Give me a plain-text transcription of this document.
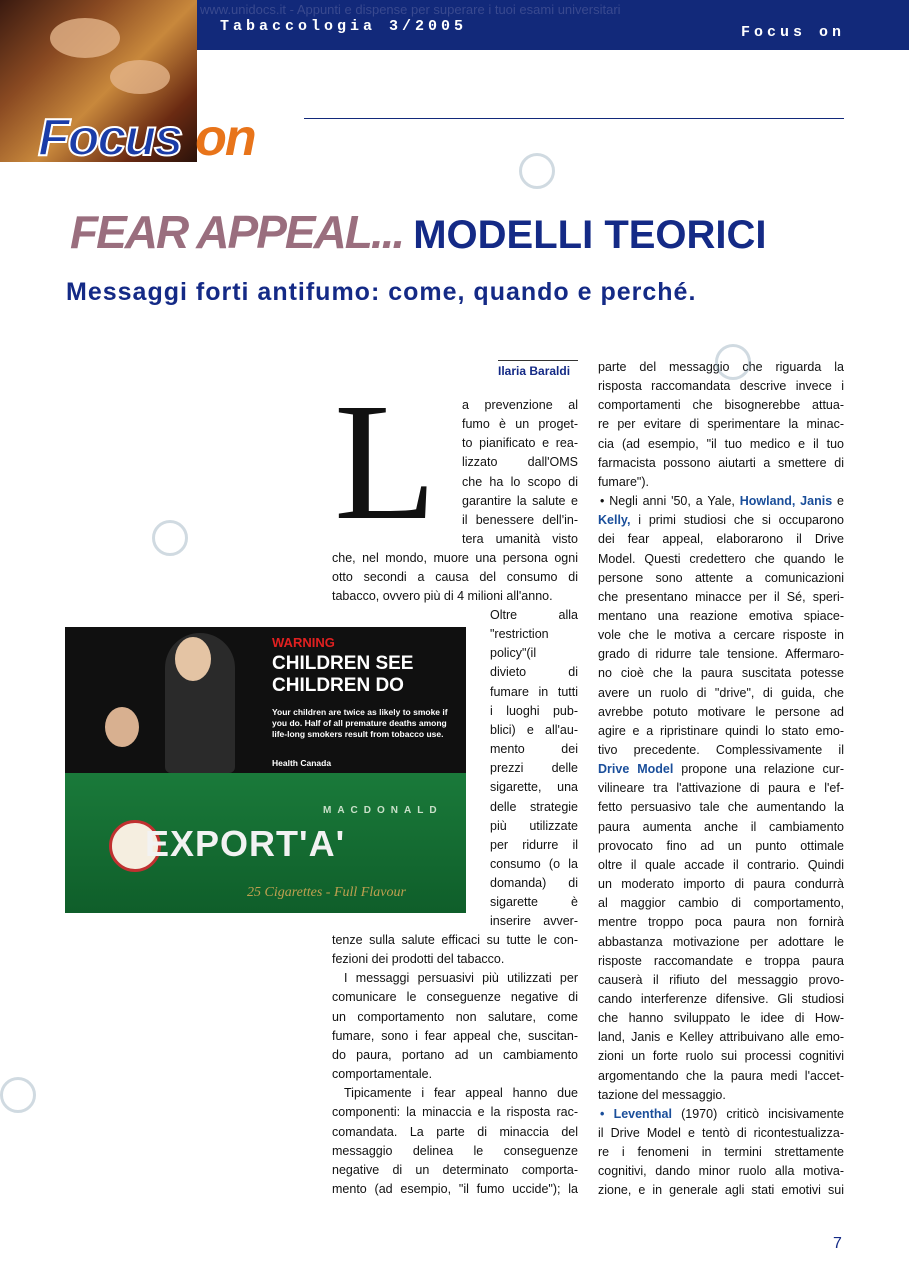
www.unidocs.it - Appunti e dispense per superare i tuoi esami universitari
Tabaccologia 3/2005	Focus on
Focus on
FEAR APPEAL... MODELLI TEORICI
Messaggi forti antifumo: come, quando e perché.
Ilaria Baraldi
L a prevenzione al
fumo è un proget-
to pianificato e rea-
lizzato dall'OMS
che ha lo scopo di
garantire la salute e
il benessere dell'in-
tera umanità visto
che, nel mondo, muore una persona ogni
otto secondi a causa del consumo di
tabacco, ovvero più di 4 milioni all'anno.
Oltre alla
"restriction
policy"(il
divieto di
fumare in tutti
i luoghi pub-
blici) e all'au-
mento dei
prezzi delle
sigarette, una
delle strategie
più utilizzate
per ridurre il
consumo (o la
domanda) di
sigarette è
inserire avver-
tenze sulla salute efficaci su tutte le con-
fezioni dei prodotti del tabacco.
I messaggi persuasivi più utilizzati per
comunicare le conseguenze negative di
un comportamento non salutare, come
fumare, sono i fear appeal che, suscitan-
do paura, portano ad un cambiamento
comportamentale.
Tipicamente i fear appeal hanno due
componenti: la minaccia e la risposta rac-
comandata. La parte di minaccia del
messaggio delinea le conseguenze
negative di un determinato comporta-
mento (ad esempio, "il fumo uccide"); la
WARNING
CHILDREN SEE CHILDREN DO
Your children are twice as likely to smoke if you do. Half of all premature deaths among life-long smokers result from tobacco use.
Health Canada
MACDONALD
EXPORT'A'
25 Cigarettes - Full Flavour
parte del messaggio che riguarda la
risposta raccomandata descrive invece i
comportamenti che bisognerebbe attua-
re per evitare di sperimentare la minac-
cia (ad esempio, "il tuo medico e il tuo
farmacista possono aiutarti a smettere di
fumare").
• Negli anni '50, a Yale, Howland, Janis e
Kelly, i primi studiosi che si occuparono
dei fear appeal, elaborarono il Drive
Model. Questi credettero che quando le
persone sono attente a comunicazioni
che presentano minacce per il Sé, speri-
mentano una reazione emotiva spiace-
vole che le motiva a cercare risposte in
grado di ridurre tale tensione. Affermaro-
no cioè che la paura suscitata potesse
avere un ruolo di "drive", di guida, che
avrebbe potuto motivare le persone ad
agire e a ripristinare quindi lo stato emo-
tivo precedente. Complessivamente il
Drive Model propone una relazione cur-
vilineare tra l'attivazione di paura e l'ef-
fetto persuasivo tale che aumentando la
paura aumenta anche il cambiamento
provocato fino ad un punto ottimale
oltre il quale accade il contrario. Quindi
un moderato importo di paura condurrà
al maggior cambio di comportamento,
mentre troppo poca paura non fornirà
abbastanza motivazione per adottare le
risposte raccomandate e troppa paura
causerà il rifiuto del messaggio provo-
cando interferenze difensive. Gli studiosi
che hanno sviluppato le idee di How-
land, Janis e Kelley attribuivano alle emo-
zioni un forte ruolo sui processi cognitivi
argomentando che la paura medi l'accet-
tazione del messaggio.
• Leventhal (1970) criticò incisivamente
il Drive Model e tentò di ricontestualizza-
re i fenomeni in termini strettamente
cognitivi, dando minor ruolo alla motiva-
zione, e in generale agli stati emotivi sui
7
